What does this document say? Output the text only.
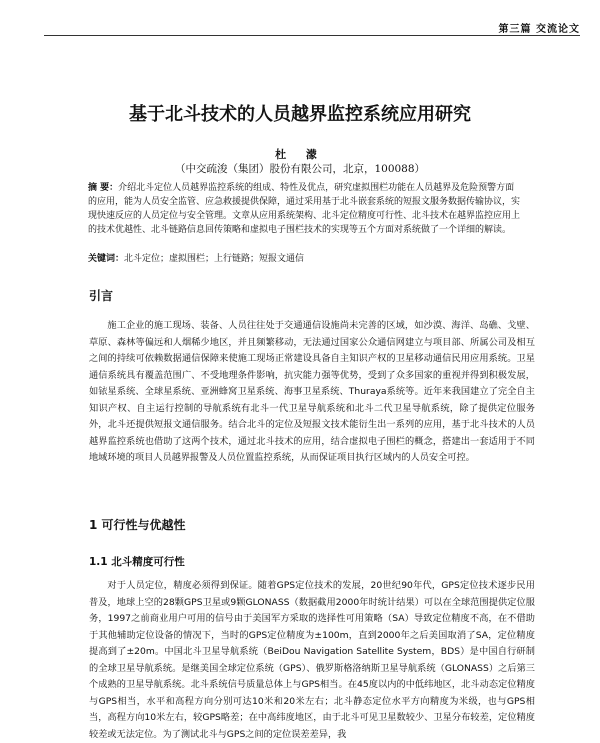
第三篇 交流论文
基于北斗技术的人员越界监控系统应用研究
杜 濛
（中交疏浚（集团）股份有限公司，北京，100088）
摘 要：介绍北斗定位人员越界监控系统的组成、特性及优点，研究虚拟围栏功能在人员越界及危险预警方面的应用，能为人员安全监管、应急救援提供保障，通过采用基于北斗嵌套系统的短报文服务数据传输协议，实现快速反应的人员定位与安全管理。文章从应用系统架构、北斗定位精度可行性、北斗技术在越界监控应用上的技术优越性、北斗链路信息回传策略和虚拟电子围栏技术的实现等五个方面对系统做了一个详细的解读。
关键词：北斗定位；虚拟围栏；上行链路；短报文通信
引言
施工企业的施工现场、装备、人员往往处于交通通信设施尚未完善的区域，如沙漠、海洋、岛礁、戈壁、草原、森林等偏远和人烟稀少地区，并且频繁移动，无法通过国家公众通信网建立与项目部、所属公司及相互之间的持续可依赖数据通信保障来使施工现场正常建设具备自主知识产权的卫星移动通信民用应用系统。卫星通信系统具有覆盖范围广、不受地理条件影响，抗灾能力强等优势，受到了众多国家的重视并得到积极发展，如铱星系统、全球星系统、亚洲蜂窝卫星系统、海事卫星系统、Thuraya系统等。近年来我国建立了完全自主知识产权、自主运行控制的导航系统有北斗一代卫星导航系统和北斗二代卫星导航系统，除了提供定位服务外，北斗还提供短报文通信服务。结合北斗的定位及短报文技术能衍生出一系列的应用，基于北斗技术的人员越界监控系统也借助了这两个技术，通过北斗技术的应用，结合虚拟电子围栏的概念，搭建出一套适用于不同地域环境的项目人员越界报警及人员位置监控系统，从而保证项目执行区域内的人员安全可控。
1 可行性与优越性
1.1 北斗精度可行性
对于人员定位，精度必须得到保证。随着GPS定位技术的发展，20世纪90年代，GPS定位技术逐步民用普及，地球上空的28颗GPS卫星或9颗GLONASS（数据截用2000年时统计结果）可以在全球范围提供定位服务，1997之前商业用户可用的信号由于美国军方采取的选择性可用策略（SA）导致定位精度不高，在不借助于其他辅助定位设备的情况下，当时的GPS定位精度为±100m，直到2000年之后美国取消了SA，定位精度提高到了±20m。中国北斗卫星导航系统（BeiDou Navigation Satellite System，BDS）是中国自行研制的全球卫星导航系统。是继美国全球定位系统（GPS）、俄罗斯格洛纳斯卫星导航系统（GLONASS）之后第三个成熟的卫星导航系统。北斗系统信号质量总体上与GPS相当。在45度以内的中低纬地区，北斗动态定位精度与GPS相当，水平和高程方向分别可达10米和20米左右；北斗静态定位水平方向精度为米级，也与GPS相当，高程方向10米左右，较GPS略差；在中高纬度地区，由于北斗可见卫星数较少、卫星分布较差，定位精度较差或无法定位。为了测试北斗与GPS之间的定位误差差异，我
